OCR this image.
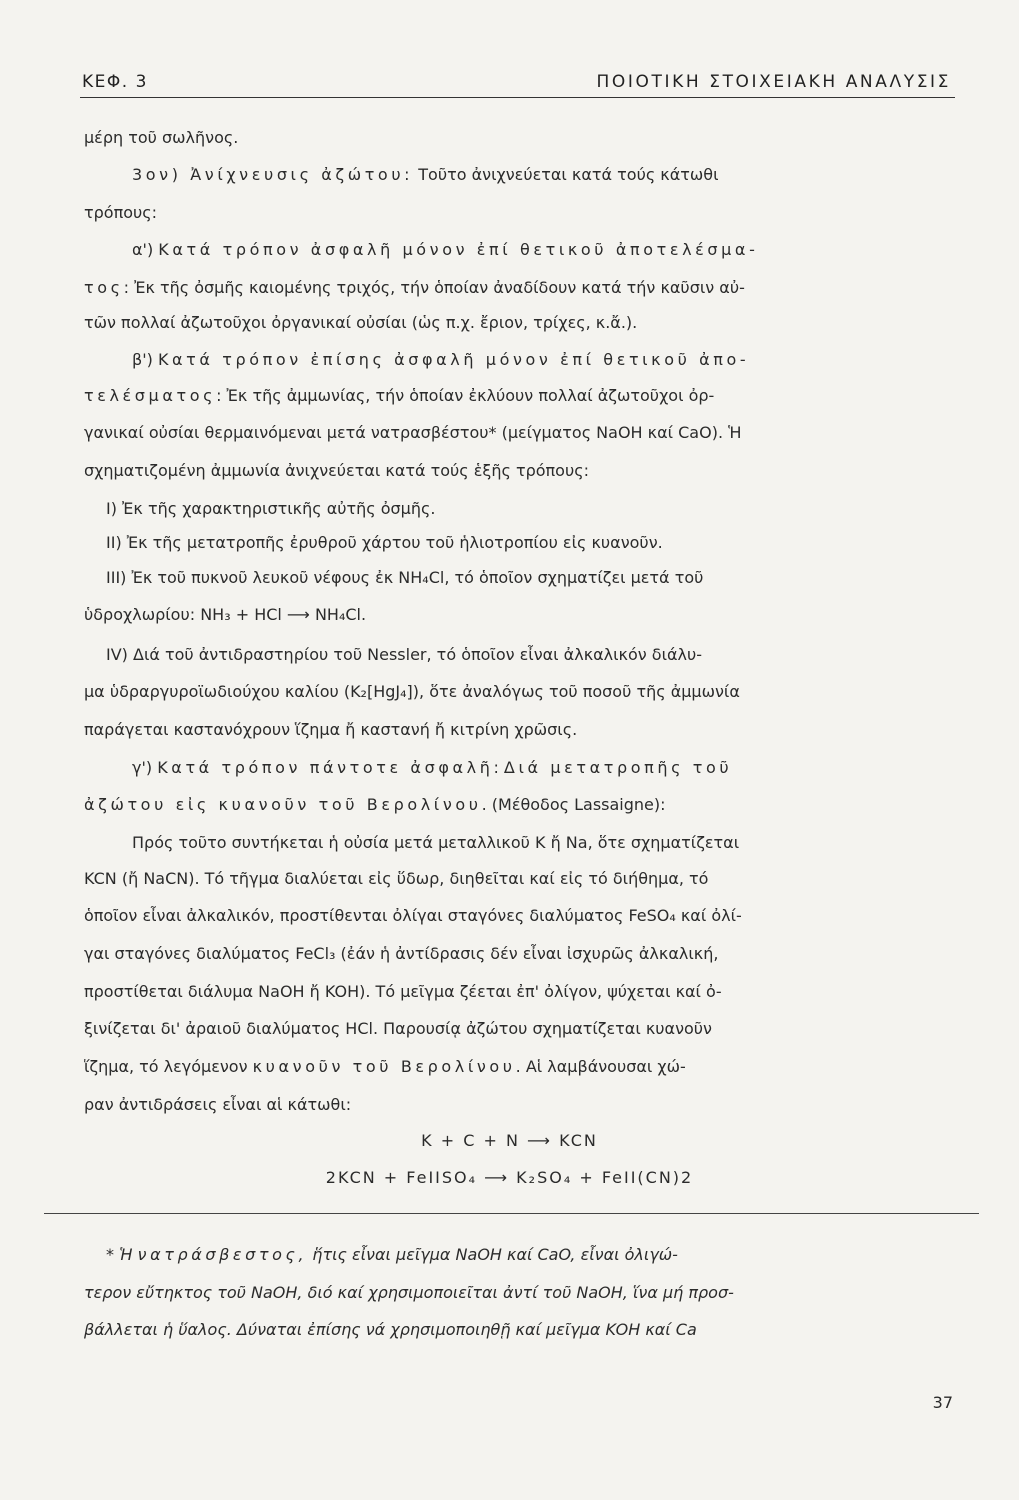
ΚΕΦ. 3	ΠΟΙΟΤΙΚΗ ΣΤΟΙΧΕΙΑΚΗ ΑΝΑΛΥΣΙΣ
μέρη τοῦ σωλῆνος.
3ον) Ἀνίχνευσις ἀζώτου: Τοῦτο ἀνιχνεύεται κατά τούς κάτωθι
τρόπους:
α') Κατά τρόπον ἀσφαλῆ μόνον ἐπί θετικοῦ ἀποτελέσμα-
τος: Ἐκ τῆς ὀσμῆς καιομένης τριχός, τήν ὁποίαν ἀναδίδουν κατά τήν καῦσιν αὐ-
τῶν πολλαί ἀζωτοῦχοι ὀργανικαί οὐσίαι (ὡς π.χ. ἔριον, τρίχες, κ.ἄ.).
β') Κατά τρόπον ἐπίσης ἀσφαλῆ μόνον ἐπί θετικοῦ ἀπο-
τελέσματος: Ἐκ τῆς ἀμμωνίας, τήν ὁποίαν ἐκλύουν πολλαί ἀζωτοῦχοι ὀρ-
γανικαί οὐσίαι θερμαινόμεναι μετά νατρασβέστου* (μείγματος NaOH καί CaO). Ἡ
σχηματιζομένη ἀμμωνία ἀνιχνεύεται κατά τούς ἑξῆς τρόπους:
I) Ἐκ τῆς χαρακτηριστικῆς αὐτῆς ὀσμῆς.
II) Ἐκ τῆς μετατροπῆς ἐρυθροῦ χάρτου τοῦ ἡλιοτροπίου εἰς κυανοῦν.
III) Ἐκ τοῦ πυκνοῦ λευκοῦ νέφους ἐκ NH₄Cl, τό ὁποῖον σχηματίζει μετά τοῦ
ὑδροχλωρίου: NH₃ + HCl ⟶ NH₄Cl.
IV) Διά τοῦ ἀντιδραστηρίου τοῦ Nessler, τό ὁποῖον εἶναι ἀλκαλικόν διάλυ-
μα ὑδραργυροϊωδιούχου καλίου (K₂[HgJ₄]), ὅτε ἀναλόγως τοῦ ποσοῦ τῆς ἀμμωνία
παράγεται καστανόχρουν ἵζημα ἤ καστανή ἤ κιτρίνη χρῶσις.
γ') Κατά τρόπον πάντοτε ἀσφαλῆ: Διά μετατροπῆς τοῦ
ἀζώτου εἰς κυανοῦν τοῦ Βερολίνου. (Μέθοδος Lassaigne):
Πρός τοῦτο συντήκεται ἡ οὐσία μετά μεταλλικοῦ K ἤ Na, ὅτε σχηματίζεται
KCN (ἤ NaCN). Τό τῆγμα διαλύεται εἰς ὕδωρ, διηθεῖται καί εἰς τό διήθημα, τό
ὁποῖον εἶναι ἀλκαλικόν, προστίθενται ὀλίγαι σταγόνες διαλύματος FeSO₄ καί ὀλί-
γαι σταγόνες διαλύματος FeCl₃ (ἐάν ἡ ἀντίδρασις δέν εἶναι ἰσχυρῶς ἀλκαλική,
προστίθεται διάλυμα NaOH ἤ KOH). Τό μεῖγμα ζέεται ἐπ' ὀλίγον, ψύχεται καί ὀ-
ξινίζεται δι' ἀραιοῦ διαλύματος HCl. Παρουσίᾳ ἀζώτου σχηματίζεται κυανοῦν
ἵζημα, τό λεγόμενον κυανοῦν τοῦ Βερολίνου. Αἱ λαμβάνουσαι χώ-
ραν ἀντιδράσεις εἶναι αἱ κάτωθι:
K + C + N ⟶ KCN
2KCN + FeIISO₄ ⟶ K₂SO₄ + FeII(CN)2
* Ἡ νατράσβεστος, ἥτις εἶναι μεῖγμα NaOH καί CaO, εἶναι ὀλιγώ-
τερον εὔτηκτος τοῦ NaOH, διό καί χρησιμοποιεῖται ἀντί τοῦ NaOH, ἵνα μή προσ-
βάλλεται ἡ ὕαλος. Δύναται ἐπίσης νά χρησιμοποιηθῇ καί μεῖγμα KOH καί Ca
37
